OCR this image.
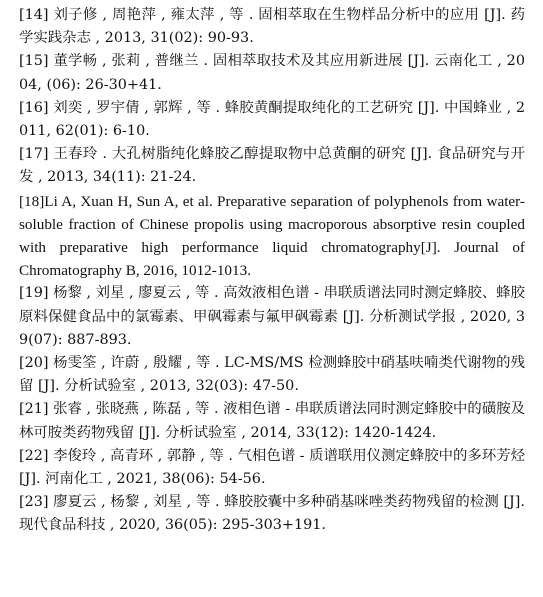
[14] 刘子修 , 周艳萍 , 雍太萍 , 等 . 固相萃取在生物样品分析中的应用 [J]. 药学实践杂志 , 2013, 31(02): 90-93.
[15] 董学畅 , 张莉 , 普继兰 . 固相萃取技术及其应用新进展 [J]. 云南化工 , 2004, (06): 26-30+41.
[16] 刘奕 , 罗宇倩 , 郭辉 , 等 . 蜂胶黄酮提取纯化的工艺研究 [J]. 中国蜂业 , 2011, 62(01): 6-10.
[17] 王春玲 . 大孔树脂纯化蜂胶乙醇提取物中总黄酮的研究 [J]. 食品研究与开发 , 2013, 34(11): 21-24.
[18]Li A, Xuan H, Sun A, et al. Preparative separation of polyphenols from water-soluble fraction of Chinese propolis using macroporous absorptive resin coupled with preparative high performance liquid chromatography[J]. Journal of Chromatography B, 2016, 1012-1013.
[19] 杨黎 , 刘星 , 廖夏云 , 等 . 高效液相色谱 - 串联质谱法同时测定蜂胶、蜂胶原料保健食品中的氯霉素、甲砜霉素与氟甲砜霉素 [J]. 分析测试学报 , 2020, 39(07): 887-893.
[20] 杨雯筌 , 许蔚 , 殷耀 , 等 . LC-MS/MS 检测蜂胶中硝基呋喃类代谢物的残留 [J]. 分析试验室 , 2013, 32(03): 47-50.
[21] 张睿 , 张晓燕 , 陈磊 , 等 . 液相色谱 - 串联质谱法同时测定蜂胶中的磺胺及林可胺类药物残留 [J]. 分析试验室 , 2014, 33(12): 1420-1424.
[22] 李俊玲 , 高青环 , 郭静 , 等 . 气相色谱 - 质谱联用仪测定蜂胶中的多环芳烃 [J]. 河南化工 , 2021, 38(06): 54-56.
[23] 廖夏云 , 杨黎 , 刘星 , 等 . 蜂胶胶囊中多种硝基咪唑类药物残留的检测 [J]. 现代食品科技 , 2020, 36(05): 295-303+191.
